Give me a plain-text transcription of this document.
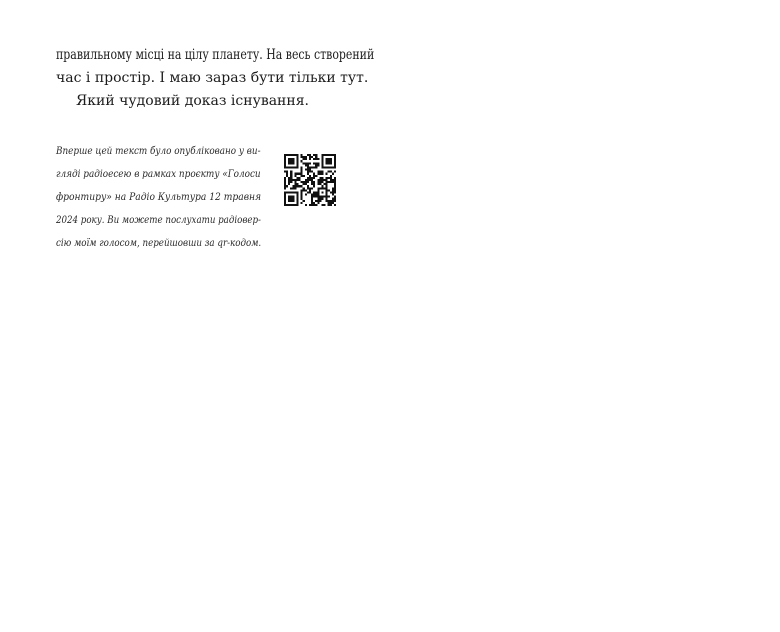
правильному місці на цілу планету. На весь створений
час і простір. І маю зараз бути тільки тут.
Який чудовий доказ існування.
Вперше цей текст було опубліковано у ви-
гляді радіоесею в рамках проєкту «Голоси
фронтиру» на Радіо Культура 12 травня
2024 року. Ви можете послухати радіовер-
сію моїм голосом, перейшовши за qr-кодом.
